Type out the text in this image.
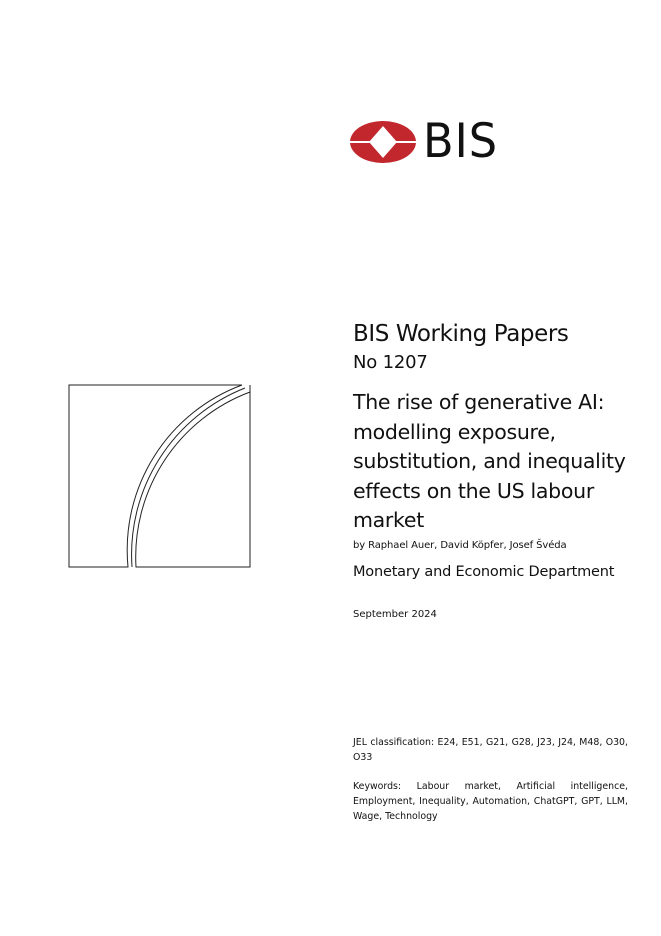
BIS
BIS Working Papers
No 1207
The rise of generative AI: modelling exposure, substitution, and inequality effects on the US labour market
by Raphael Auer, David Köpfer, Josef Švéda
Monetary and Economic Department
September 2024
JEL classification: E24, E51, G21, G28, J23, J24, M48, O30, O33
Keywords: Labour market, Artificial intelligence, Employment, Inequality, Automation, ChatGPT, GPT, LLM, Wage, Technology
